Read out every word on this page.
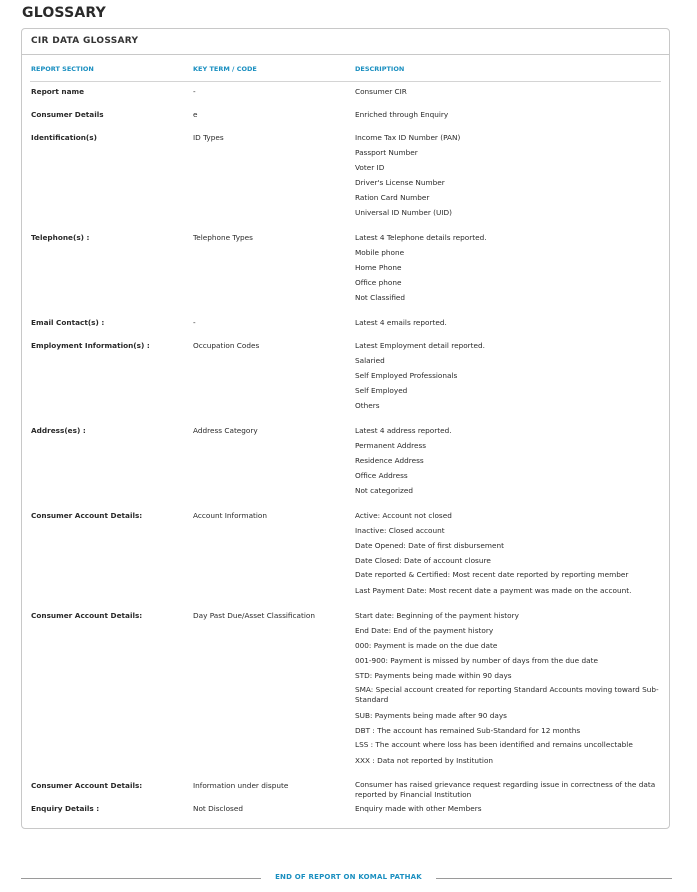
GLOSSARY
CIR DATA GLOSSARY
REPORT SECTION	KEY TERM / CODE	DESCRIPTION
Report name	-	Consumer CIR
Consumer Details	e	Enriched through Enquiry
Identification(s)	ID Types	Income Tax ID Number (PAN)
Passport Number
Voter ID
Driver's License Number
Ration Card Number
Universal ID Number (UID)
Telephone(s) :	Telephone Types	Latest 4 Telephone details reported.
Mobile phone
Home Phone
Office phone
Not Classified
Email Contact(s) :	-	Latest 4 emails reported.
Employment Information(s) :	Occupation Codes	Latest Employment detail reported.
Salaried
Self Employed Professionals
Self Employed
Others
Address(es) :	Address Category	Latest 4 address reported.
Permanent Address
Residence Address
Office Address
Not categorized
Consumer Account Details:	Account Information	Active: Account not closed
Inactive: Closed account
Date Opened: Date of first disbursement
Date Closed: Date of account closure
Date reported & Certified: Most recent date reported by reporting member
Last Payment Date: Most recent date a payment was made on the account.
Consumer Account Details:	Day Past Due/Asset Classification	Start date: Beginning of the payment history
End Date: End of the payment history
000: Payment is made on the due date
001-900: Payment is missed by number of days from the due date
STD: Payments being made within 90 days
SMA: Special account created for reporting Standard Accounts moving toward Sub-Standard
SUB: Payments being made after 90 days
DBT : The account has remained Sub-Standard for 12 months
LSS : The account where loss has been identified and remains uncollectable
XXX : Data not reported by Institution
Consumer Account Details:	Information under dispute	Consumer has raised grievance request regarding issue in correctness of the data reported by Financial Institution
Enquiry Details :	Not Disclosed	Enquiry made with other Members
END OF REPORT ON KOMAL PATHAK
